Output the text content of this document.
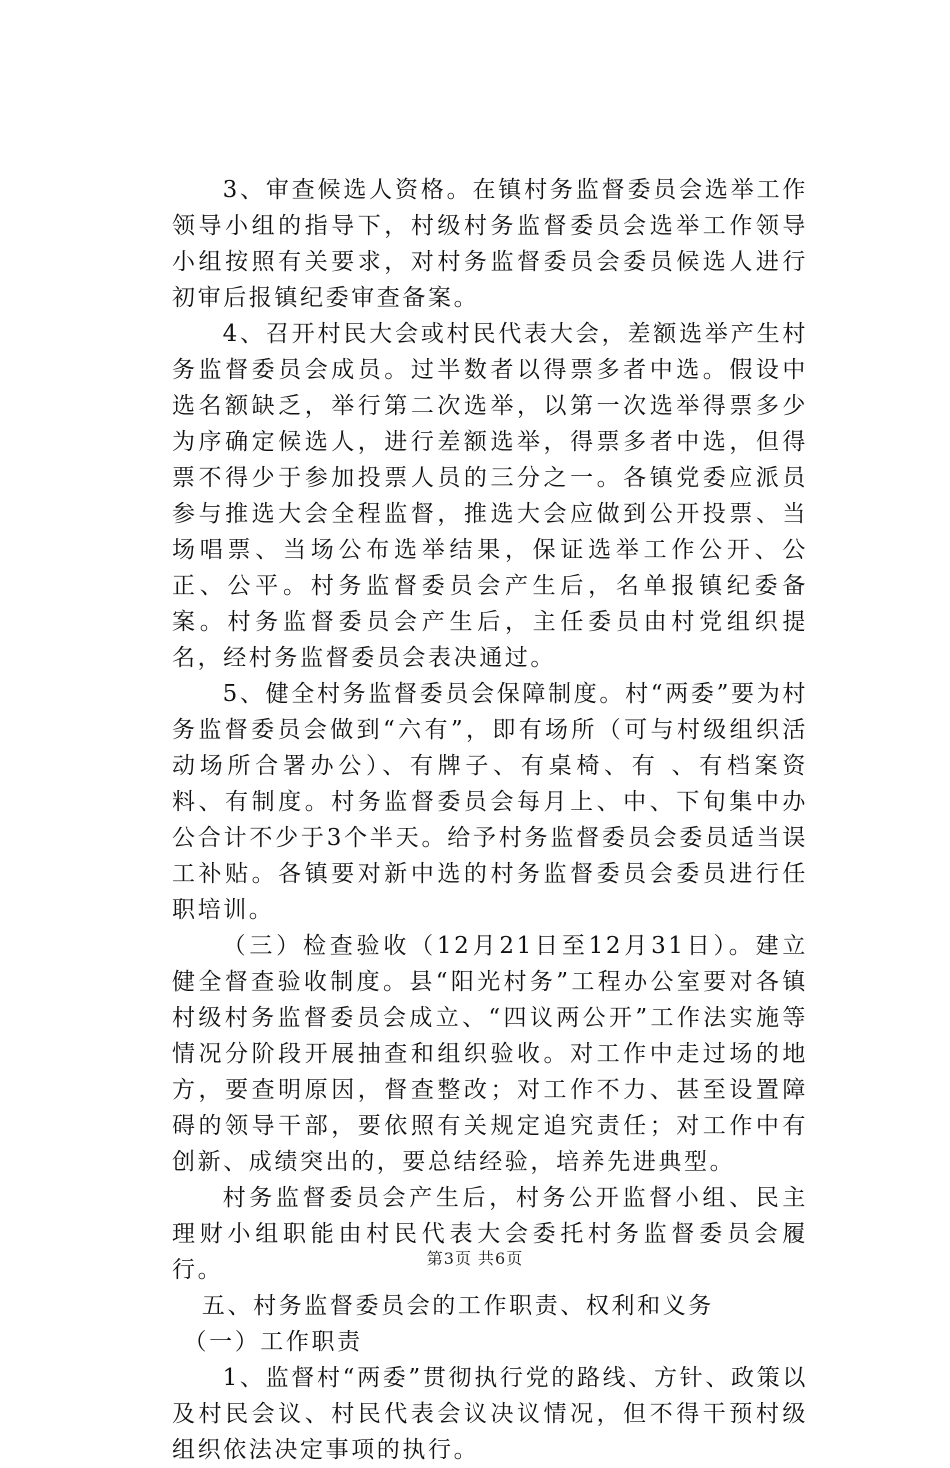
3、审查候选人资格。在镇村务监督委员会选举工作领导小组的指导下，村级村务监督委员会选举工作领导小组按照有关要求，对村务监督委员会委员候选人进行初审后报镇纪委审查备案。

4、召开村民大会或村民代表大会，差额选举产生村务监督委员会成员。过半数者以得票多者中选。假设中选名额缺乏，举行第二次选举，以第一次选举得票多少为序确定候选人，进行差额选举，得票多者中选，但得票不得少于参加投票人员的三分之一。各镇党委应派员参与推选大会全程监督，推选大会应做到公开投票、当场唱票、当场公布选举结果，保证选举工作公开、公正、公平。村务监督委员会产生后，名单报镇纪委备案。村务监督委员会产生后，主任委员由村党组织提名，经村务监督委员会表决通过。

5、健全村务监督委员会保障制度。村“两委”要为村务监督委员会做到“六有”，即有场所（可与村级组织活动场所合署办公）、有牌子、有桌椅、有 、有档案资料、有制度。村务监督委员会每月上、中、下旬集中办公合计不少于3个半天。给予村务监督委员会委员适当误工补贴。各镇要对新中选的村务监督委员会委员进行任职培训。

（三）检查验收（12月21日至12月31日）。建立健全督查验收制度。县“阳光村务”工程办公室要对各镇村级村务监督委员会成立、“四议两公开”工作法实施等情况分阶段开展抽查和组织验收。对工作中走过场的地方，要查明原因，督查整改；对工作不力、甚至设置障碍的领导干部，要依照有关规定追究责任；对工作中有创新、成绩突出的，要总结经验，培养先进典型。

村务监督委员会产生后，村务公开监督小组、民主理财小组职能由村民代表大会委托村务监督委员会履行。

五、村务监督委员会的工作职责、权利和义务

（一）工作职责

1、监督村“两委”贯彻执行党的路线、方针、政策以及村民会议、村民代表会议决议情况，但不得干预村级组织依法决定事项的执行。

第3页 共6页
